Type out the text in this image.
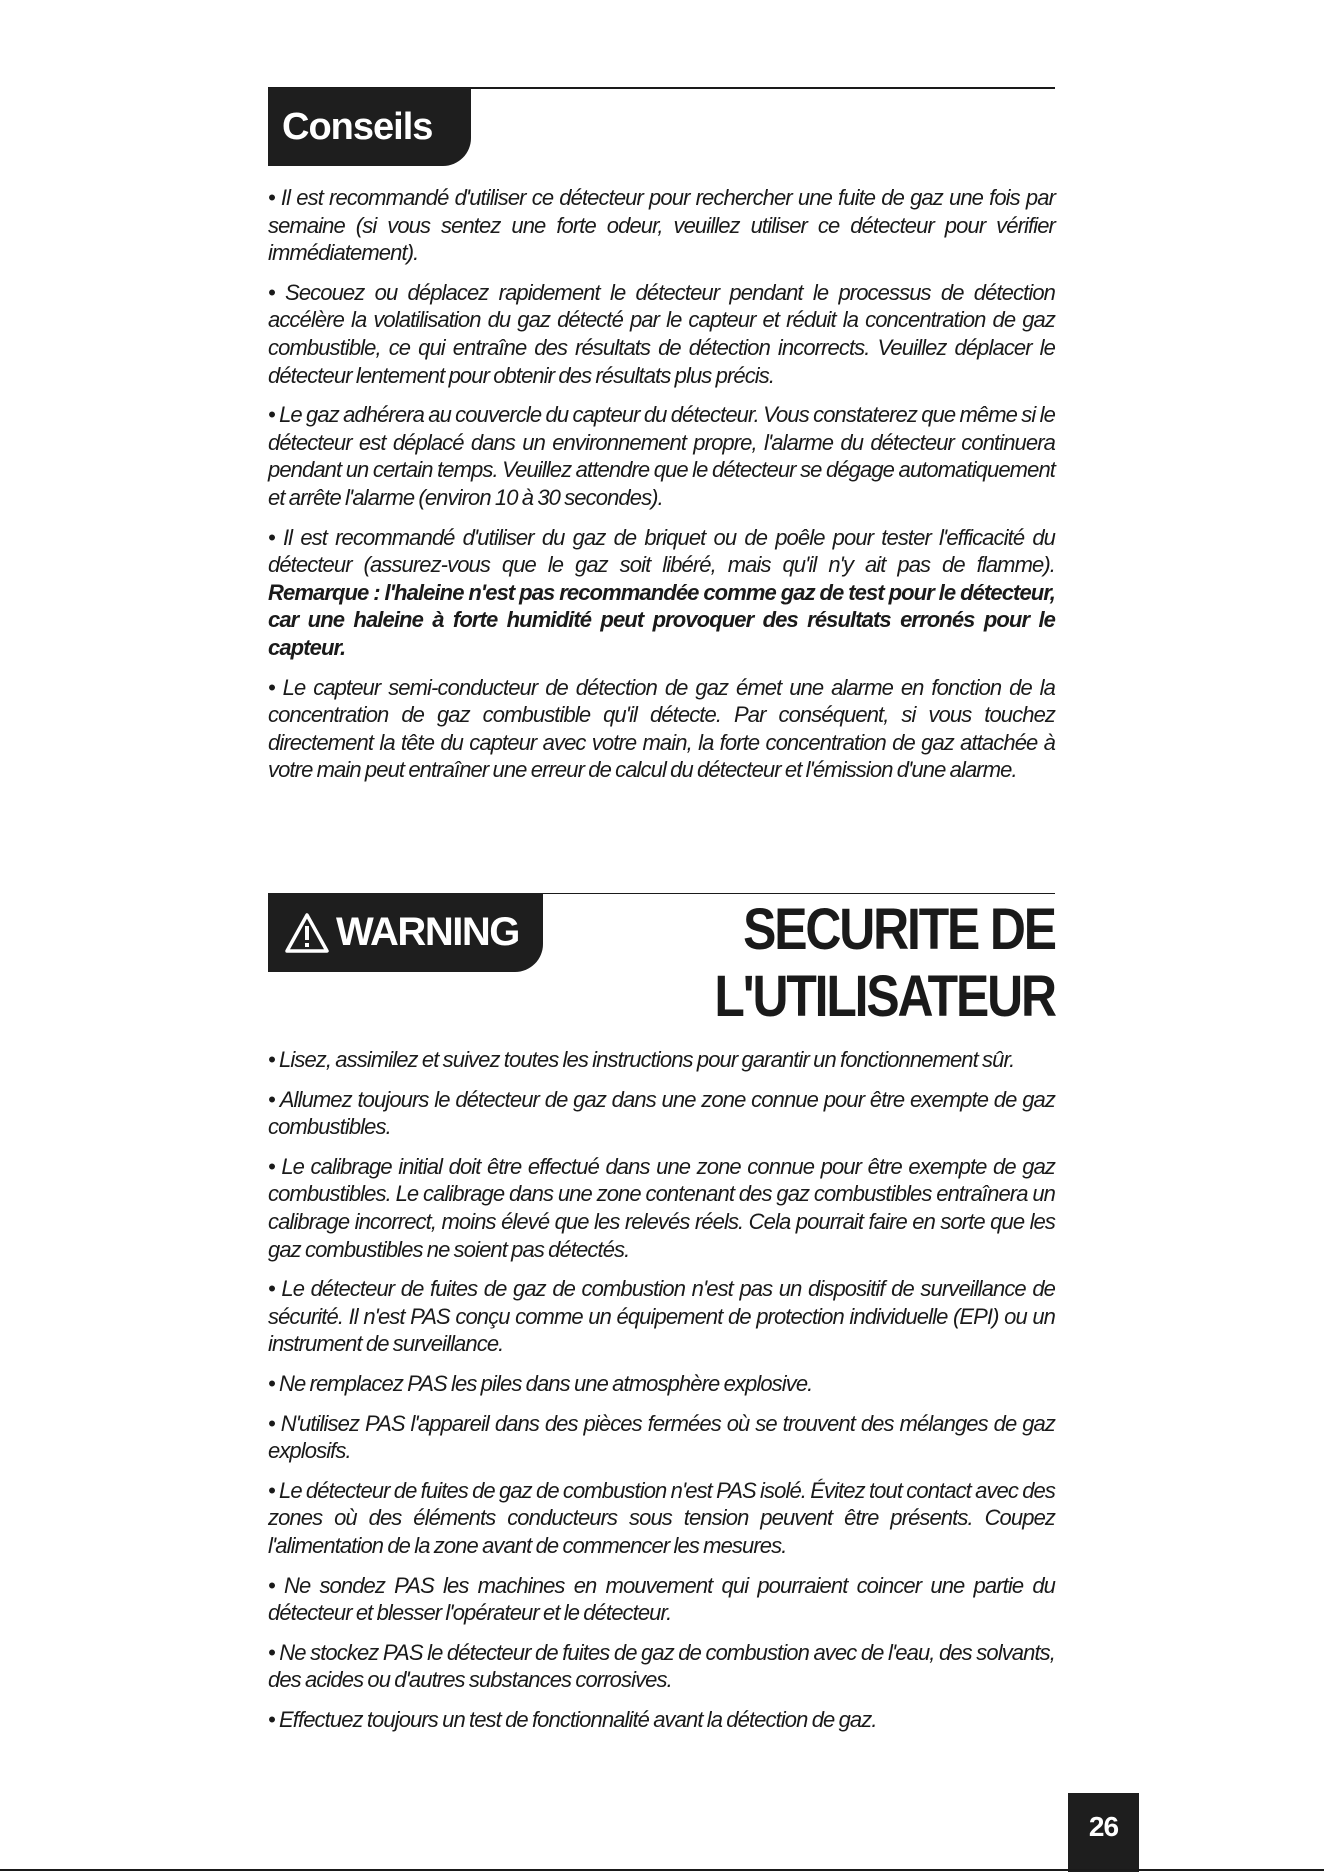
Conseils

• Il est recommandé d'utiliser ce détecteur pour rechercher une fuite de gaz une fois par semaine (si vous sentez une forte odeur, veuillez utiliser ce détecteur pour vérifier immédiatement).

• Secouez ou déplacez rapidement le détecteur pendant le processus de détection accélère la volatilisation du gaz détecté par le capteur et réduit la concentration de gaz combustible, ce qui entraîne des résultats de détection incorrects. Veuillez déplacer le détecteur lentement pour obtenir des résultats plus précis.

• Le gaz adhérera au couvercle du capteur du détecteur. Vous constaterez que même si le détecteur est déplacé dans un environnement propre, l'alarme du détecteur continuera pendant un certain temps. Veuillez attendre que le détecteur se dégage automatiquement et arrête l'alarme (environ 10 à 30 secondes).

• Il est recommandé d'utiliser du gaz de briquet ou de poêle pour tester l'efficacité du détecteur (assurez-vous que le gaz soit libéré, mais qu'il n'y ait pas de flamme). Remarque : l'haleine n'est pas recommandée comme gaz de test pour le détecteur, car une haleine à forte humidité peut provoquer des résultats erronés pour le capteur.

• Le capteur semi-conducteur de détection de gaz émet une alarme en fonction de la concentration de gaz combustible qu'il détecte. Par conséquent, si vous touchez directement la tête du capteur avec votre main, la forte concentration de gaz attachée à votre main peut entraîner une erreur de calcul du détecteur et l'émission d'une alarme.

WARNING	SECURITE DE
L'UTILISATEUR

• Lisez, assimilez et suivez toutes les instructions pour garantir un fonctionnement sûr.

• Allumez toujours le détecteur de gaz dans une zone connue pour être exempte de gaz combustibles.

• Le calibrage initial doit être effectué dans une zone connue pour être exempte de gaz combustibles. Le calibrage dans une zone contenant des gaz combustibles entraînera un calibrage incorrect, moins élevé que les relevés réels. Cela pourrait faire en sorte que les gaz combustibles ne soient pas détectés.

• Le détecteur de fuites de gaz de combustion n'est pas un dispositif de surveillance de sécurité. Il n'est PAS conçu comme un équipement de protection individuelle (EPI) ou un instrument de surveillance.

• Ne remplacez PAS les piles dans une atmosphère explosive.

• N'utilisez PAS l'appareil dans des pièces fermées où se trouvent des mélanges de gaz explosifs.

• Le détecteur de fuites de gaz de combustion n'est PAS isolé. Évitez tout contact avec des zones où des éléments conducteurs sous tension peuvent être présents. Coupez l'alimentation de la zone avant de commencer les mesures.

• Ne sondez PAS les machines en mouvement qui pourraient coincer une partie du détecteur et blesser l'opérateur et le détecteur.

• Ne stockez PAS le détecteur de fuites de gaz de combustion avec de l'eau, des solvants, des acides ou d'autres substances corrosives.

• Effectuez toujours un test de fonctionnalité avant la détection de gaz.

26
